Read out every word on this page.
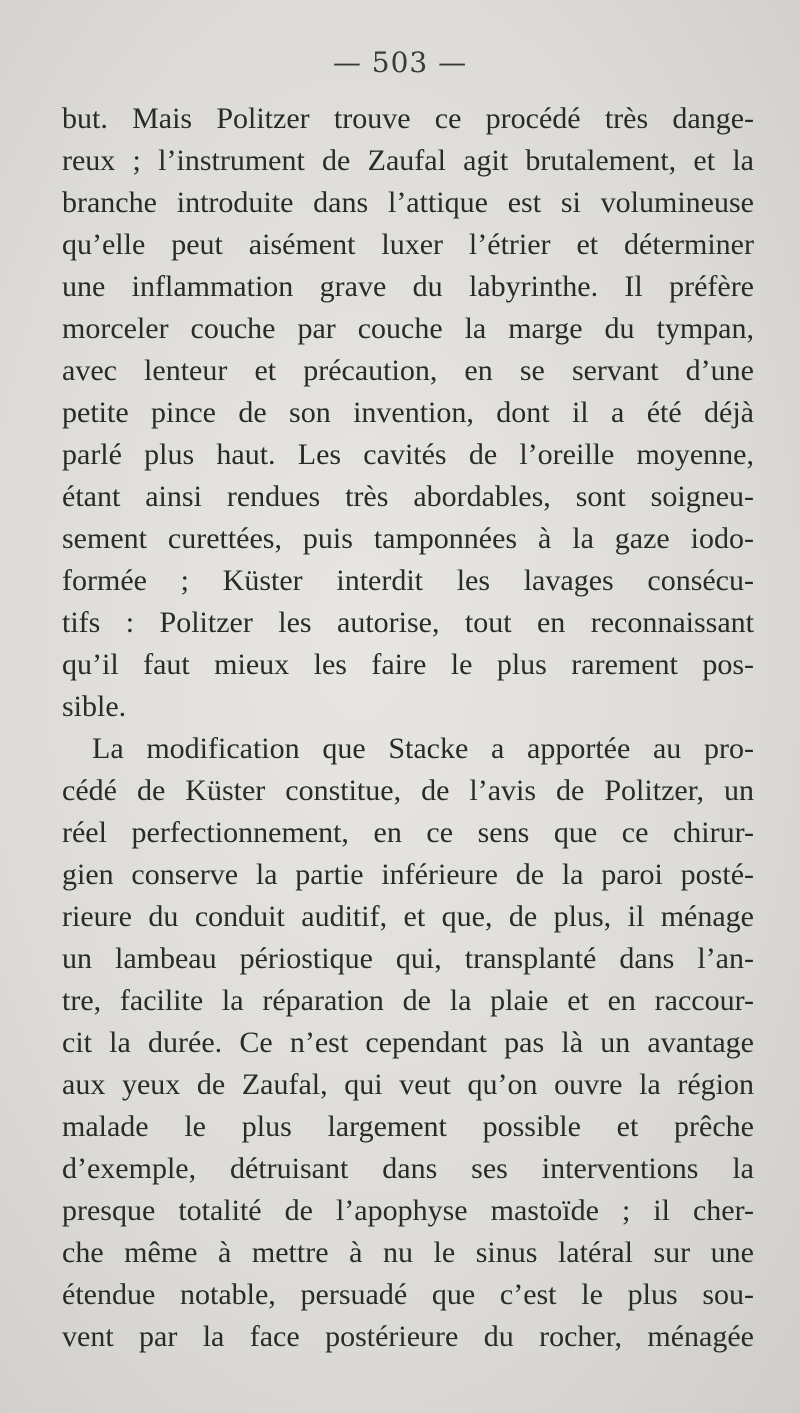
— 503 —
but. Mais Politzer trouve ce procédé très dange-
reux ; l’instrument de Zaufal agit brutalement, et la
branche introduite dans l’attique est si volumineuse
qu’elle peut aisément luxer l’étrier et déterminer
une inflammation grave du labyrinthe. Il préfère
morceler couche par couche la marge du tympan,
avec lenteur et précaution, en se servant d’une
petite pince de son invention, dont il a été déjà
parlé plus haut. Les cavités de l’oreille moyenne,
étant ainsi rendues très abordables, sont soigneu-
sement curettées, puis tamponnées à la gaze iodo-
formée ; Küster interdit les lavages consécu-
tifs : Politzer les autorise, tout en reconnaissant
qu’il faut mieux les faire le plus rarement pos-
sible.
La modification que Stacke a apportée au pro-
cédé de Küster constitue, de l’avis de Politzer, un
réel perfectionnement, en ce sens que ce chirur-
gien conserve la partie inférieure de la paroi posté-
rieure du conduit auditif, et que, de plus, il ménage
un lambeau périostique qui, transplanté dans l’an-
tre, facilite la réparation de la plaie et en raccour-
cit la durée. Ce n’est cependant pas là un avantage
aux yeux de Zaufal, qui veut qu’on ouvre la région
malade le plus largement possible et prêche
d’exemple, détruisant dans ses interventions la
presque totalité de l’apophyse mastoïde ; il cher-
che même à mettre à nu le sinus latéral sur une
étendue notable, persuadé que c’est le plus sou-
vent par la face postérieure du rocher, ménagée
